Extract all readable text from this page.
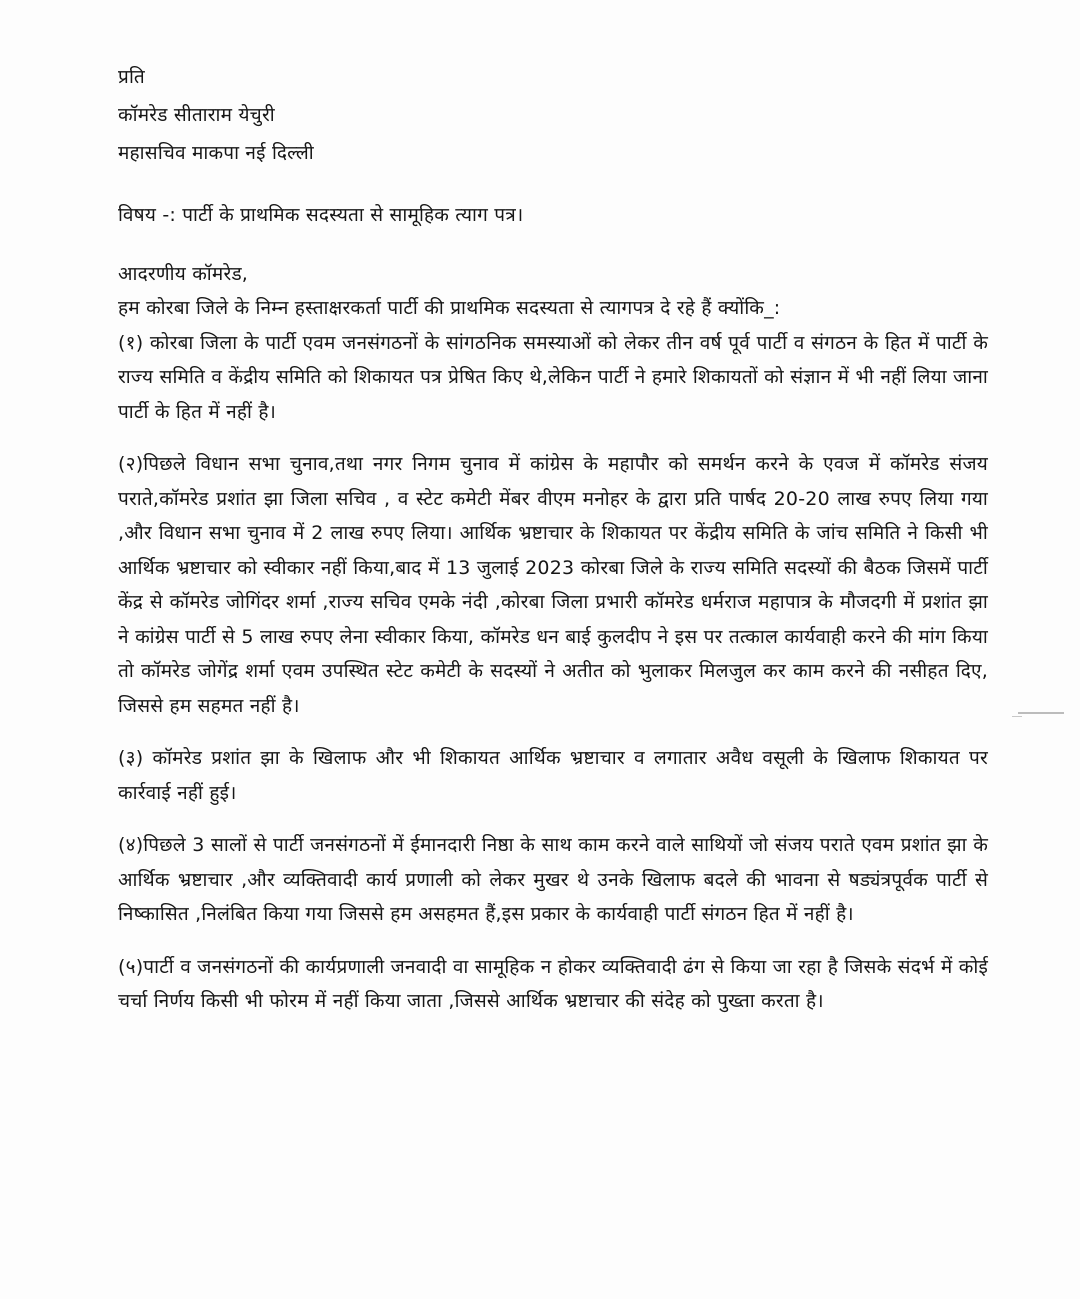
प्रति
कॉमरेड सीताराम येचुरी
महासचिव माकपा नई दिल्ली
विषय -: पार्टी के प्राथमिक सदस्यता से सामूहिक त्याग पत्र।
आदरणीय कॉमरेड,

हम कोरबा जिले के निम्न हस्ताक्षरकर्ता पार्टी की प्राथमिक सदस्यता से त्यागपत्र दे रहे हैं क्योंकि_:

(१) कोरबा जिला के पार्टी एवम जनसंगठनों के सांगठनिक समस्याओं को लेकर तीन वर्ष पूर्व पार्टी व संगठन के हित में पार्टी के राज्य समिति व केंद्रीय समिति को शिकायत पत्र प्रेषित किए थे,लेकिन पार्टी ने हमारे शिकायतों को संज्ञान में भी नहीं लिया जाना पार्टी के हित में नहीं है।

(२)पिछले विधान सभा चुनाव,तथा नगर निगम चुनाव में कांग्रेस के महापौर को समर्थन करने के एवज में कॉमरेड संजय पराते,कॉमरेड प्रशांत झा जिला सचिव , व स्टेट कमेटी मेंबर वीएम मनोहर के द्वारा प्रति पार्षद 20-20 लाख रुपए लिया गया ,और विधान सभा चुनाव में 2 लाख रुपए लिया। आर्थिक भ्रष्टाचार के शिकायत पर केंद्रीय समिति के जांच समिति ने किसी भी आर्थिक भ्रष्टाचार को स्वीकार नहीं किया,बाद में 13 जुलाई 2023 कोरबा जिले के राज्य समिति सदस्यों की बैठक जिसमें पार्टी केंद्र से कॉमरेड जोगिंदर शर्मा ,राज्य सचिव एमके नंदी ,कोरबा जिला प्रभारी कॉमरेड धर्मराज महापात्र के मौजदगी में प्रशांत झा ने कांग्रेस पार्टी से 5 लाख रुपए लेना स्वीकार किया, कॉमरेड धन बाई कुलदीप ने इस पर तत्काल कार्यवाही करने की मांग किया तो कॉमरेड जोगेंद्र शर्मा एवम उपस्थित स्टेट कमेटी के सदस्यों ने अतीत को भुलाकर मिलजुल कर काम करने की नसीहत दिए, जिससे हम सहमत नहीं है।

(३) कॉमरेड प्रशांत झा के खिलाफ और भी शिकायत आर्थिक भ्रष्टाचार व लगातार अवैध वसूली के खिलाफ शिकायत पर कार्रवाई नहीं हुई।

(४)पिछले 3 सालों से पार्टी जनसंगठनों में ईमानदारी निष्ठा के साथ काम करने वाले साथियों जो संजय पराते एवम प्रशांत झा के आर्थिक भ्रष्टाचार ,और व्यक्तिवादी कार्य प्रणाली को लेकर मुखर थे उनके खिलाफ बदले की भावना से षड्यंत्रपूर्वक पार्टी से निष्कासित ,निलंबित किया गया जिससे हम असहमत हैं,इस प्रकार के कार्यवाही पार्टी संगठन हित में नहीं है।

(५)पार्टी व जनसंगठनों की कार्यप्रणाली जनवादी वा सामूहिक न होकर व्यक्तिवादी ढंग से किया जा रहा है जिसके संदर्भ में कोई चर्चा निर्णय किसी भी फोरम में नहीं किया जाता ,जिससे आर्थिक भ्रष्टाचार की संदेह को पुख्ता करता है।
